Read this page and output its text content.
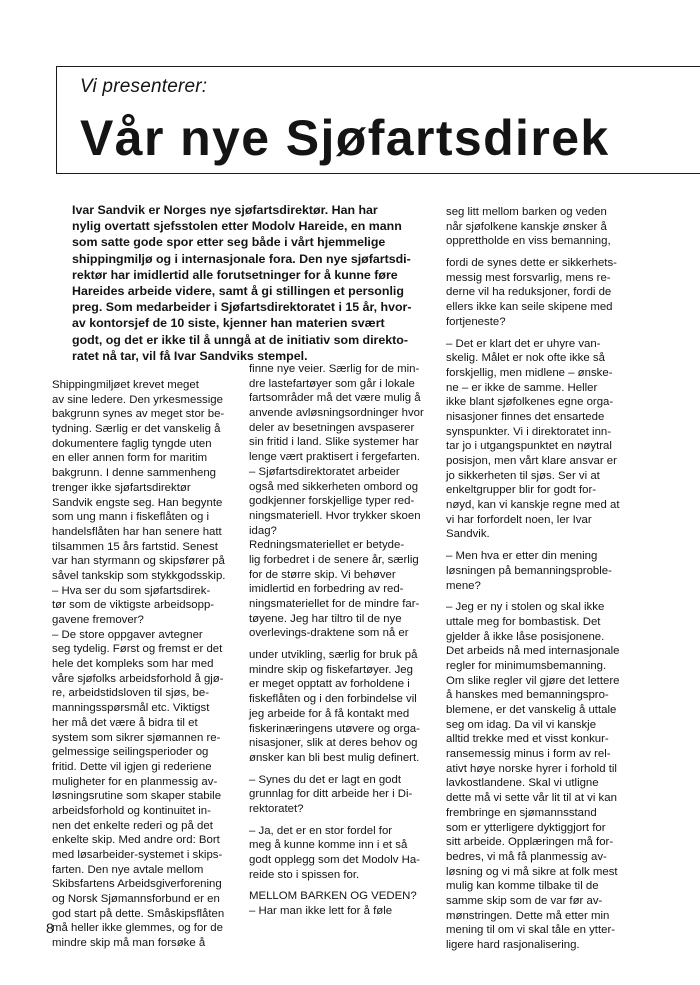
Vi presenterer:
Vår nye Sjøfartsdirek
Ivar Sandvik er Norges nye sjøfartsdirektør. Han har
nylig overtatt sjefsstolen etter Modolv Hareide, en mann
som satte gode spor etter seg både i vårt hjemmelige
shippingmiljø og i internasjonale fora. Den nye sjøfartsdi-
rektør har imidlertid alle forutsetninger for å kunne føre
Hareides arbeide videre, samt å gi stillingen et personlig
preg. Som medarbeider i Sjøfartsdirektoratet i 15 år, hvor-
av kontorsjef de 10 siste, kjenner han materien svært
godt, og det er ikke til å unngå at de initiativ som direkto-
ratet nå tar, vil få Ivar Sandviks stempel.
Shippingmiljøet krevet meget
av sine ledere. Den yrkesmessige
bakgrunn synes av meget stor be-
tydning. Særlig er det vanskelig å
dokumentere faglig tyngde uten
en eller annen form for maritim
bakgrunn. I denne sammenheng
trenger ikke sjøfartsdirektør
Sandvik engste seg. Han begynte
som ung mann i fiskeflåten og i
handelsflåten har han senere hatt
tilsammen 15 års fartstid. Senest
var han styrmann og skipsfører på
såvel tankskip som stykkgodsskip.
– Hva ser du som sjøfartsdirek-
tør som de viktigste arbeidsopp-
gavene fremover?
– De store oppgaver avtegner
seg tydelig. Først og fremst er det
hele det kompleks som har med
våre sjøfolks arbeidsforhold å gjø-
re, arbeidstidsloven til sjøs, be-
manningsspørsmål etc. Viktigst
her må det være å bidra til et
system som sikrer sjømannen re-
gelmessige seilingsperioder og
fritid. Dette vil igjen gi rederiene
muligheter for en planmessig av-
løsningsrutine som skaper stabile
arbeidsforhold og kontinuitet in-
nen det enkelte rederi og på det
enkelte skip. Med andre ord: Bort
med løsarbeider-systemet i skips-
farten. Den nye avtale mellom
Skibsfartens Arbeidsgiverforening
og Norsk Sjømannsforbund er en
god start på dette. Småskipsflåten
må heller ikke glemmes, og for de
mindre skip må man forsøke å
finne nye veier. Særlig for de min-
dre lastefartøyer som går i lokale
fartsområder må det være mulig å
anvende avløsningsordninger hvor
deler av besetningen avspaserer
sin fritid i land. Slike systemer har
lenge vært praktisert i fergefarten.
– Sjøfartsdirektoratet arbeider
også med sikkerheten ombord og
godkjenner forskjellige typer red-
ningsmateriell. Hvor trykker skoen
idag?
Redningsmateriellet er betyde-
lig forbedret i de senere år, særlig
for de større skip. Vi behøver
imidlertid en forbedring av red-
ningsmateriellet for de mindre far-
tøyene. Jeg har tiltro til de nye
overlevings-draktene som nå er
under utvikling, særlig for bruk på
mindre skip og fiskefartøyer. Jeg
er meget opptatt av forholdene i
fiskeflåten og i den forbindelse vil
jeg arbeide for å få kontakt med
fiskerinæringens utøvere og orga-
nisasjoner, slik at deres behov og
ønsker kan bli best mulig definert.
– Synes du det er lagt en godt
grunnlag for ditt arbeide her i Di-
rektoratet?
– Ja, det er en stor fordel for
meg å kunne komme inn i et så
godt opplegg som det Modolv Ha-
reide sto i spissen for.
MELLOM BARKEN OG VEDEN?
– Har man ikke lett for å føle
seg litt mellom barken og veden
når sjøfolkene kanskje ønsker å
opprettholde en viss bemanning,
fordi de synes dette er sikkerhets-
messig mest forsvarlig, mens re-
derne vil ha reduksjoner, fordi de
ellers ikke kan seile skipene med
fortjeneste?
– Det er klart det er uhyre van-
skelig. Målet er nok ofte ikke så
forskjellig, men midlene – ønske-
ne – er ikke de samme. Heller
ikke blant sjøfolkenes egne orga-
nisasjoner finnes det ensartede
synspunkter. Vi i direktoratet inn-
tar jo i utgangspunktet en nøytral
posisjon, men vårt klare ansvar er
jo sikkerheten til sjøs. Ser vi at
enkeltgrupper blir for godt for-
nøyd, kan vi kanskje regne med at
vi har forfordelt noen, ler Ivar
Sandvik.
– Men hva er etter din mening
løsningen på bemanningsproble-
mene?
– Jeg er ny i stolen og skal ikke
uttale meg for bombastisk. Det
gjelder å ikke låse posisjonene.
Det arbeids nå med internasjonale
regler for minimumsbemanning.
Om slike regler vil gjøre det lettere
å hanskes med bemanningspro-
blemene, er det vanskelig å uttale
seg om idag. Da vil vi kanskje
alltid trekke med et visst konkur-
ransemessig minus i form av rel-
ativt høye norske hyrer i forhold til
lavkostlandene. Skal vi utligne
dette må vi sette vår lit til at vi kan
frembringe en sjømannsstand
som er ytterligere dyktiggjort for
sitt arbeide. Opplæringen må for-
bedres, vi må få planmessig av-
løsning og vi må sikre at folk mest
mulig kan komme tilbake til de
samme skip som de var før av-
mønstringen. Dette må etter min
mening til om vi skal tåle en ytter-
ligere hard rasjonalisering.
8
